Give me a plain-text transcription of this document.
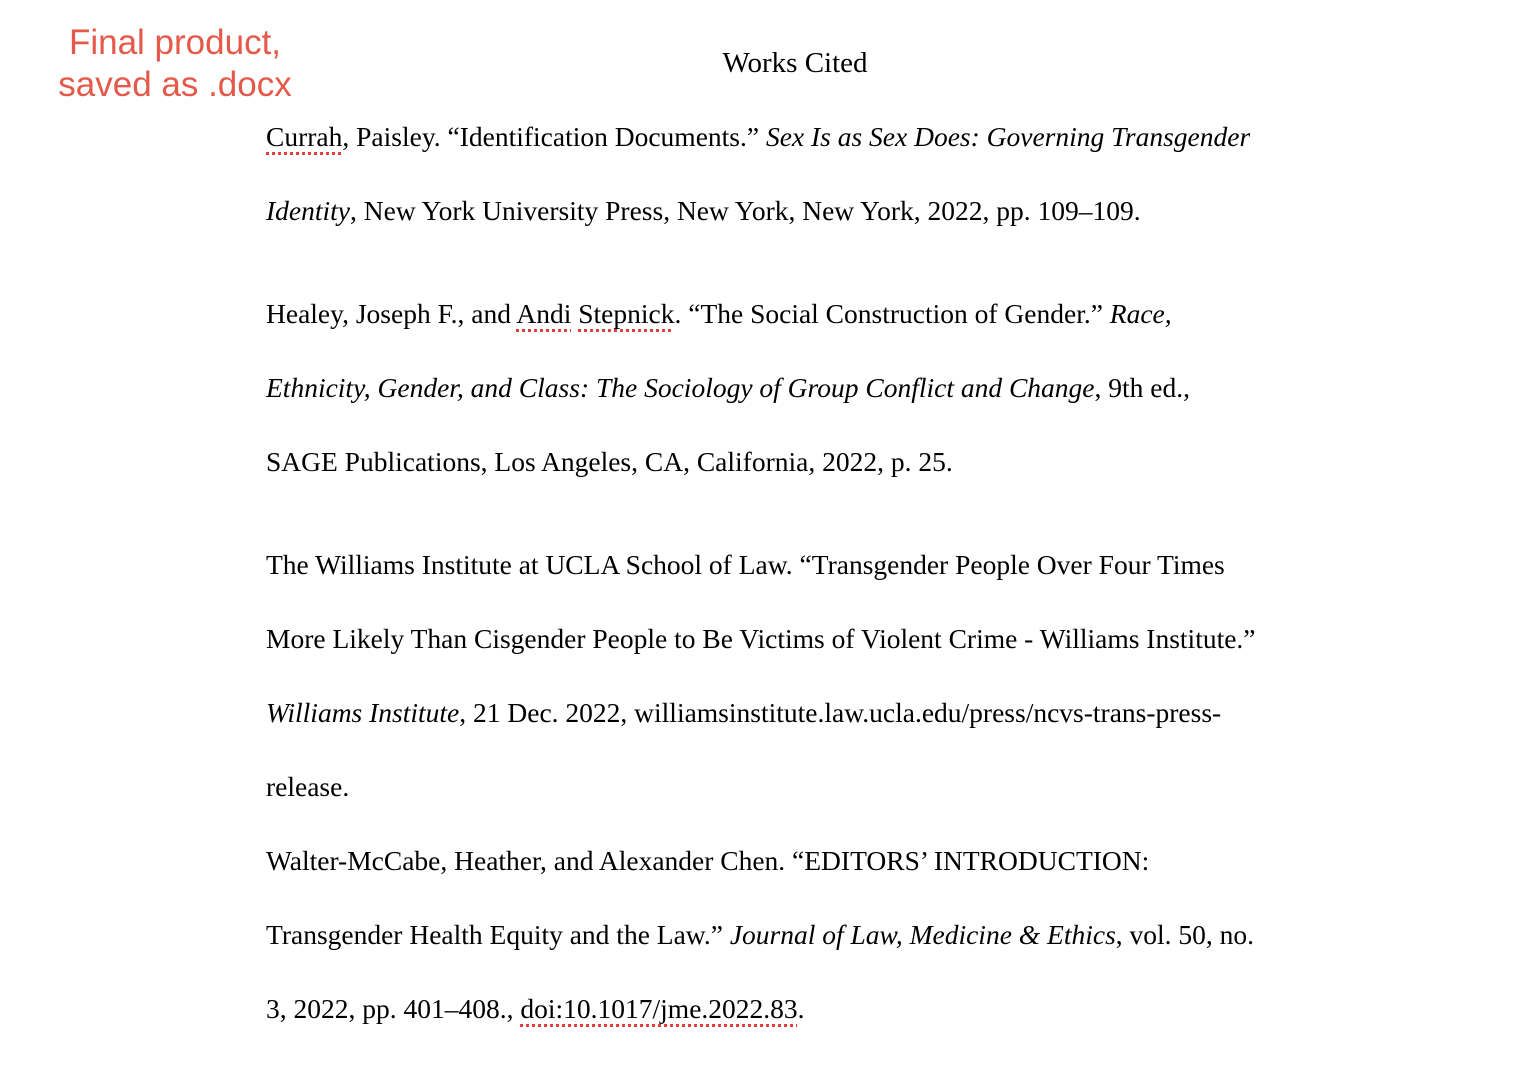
Final product,
saved as .docx
Works Cited
Currah, Paisley. “Identification Documents.” Sex Is as Sex Does: Governing Transgender
Identity, New York University Press, New York, New York, 2022, pp. 109–109.
Healey, Joseph F., and Andi Stepnick. “The Social Construction of Gender.” Race,
Ethnicity, Gender, and Class: The Sociology of Group Conflict and Change, 9th ed.,
SAGE Publications, Los Angeles, CA, California, 2022, p. 25.
The Williams Institute at UCLA School of Law. “Transgender People Over Four Times
More Likely Than Cisgender People to Be Victims of Violent Crime - Williams Institute.”
Williams Institute, 21 Dec. 2022, williamsinstitute.law.ucla.edu/press/ncvs-trans-press-
release.
Walter-McCabe, Heather, and Alexander Chen. “EDITORS’ INTRODUCTION:
Transgender Health Equity and the Law.” Journal of Law, Medicine & Ethics, vol. 50, no.
3, 2022, pp. 401–408., doi:10.1017/jme.2022.83.
